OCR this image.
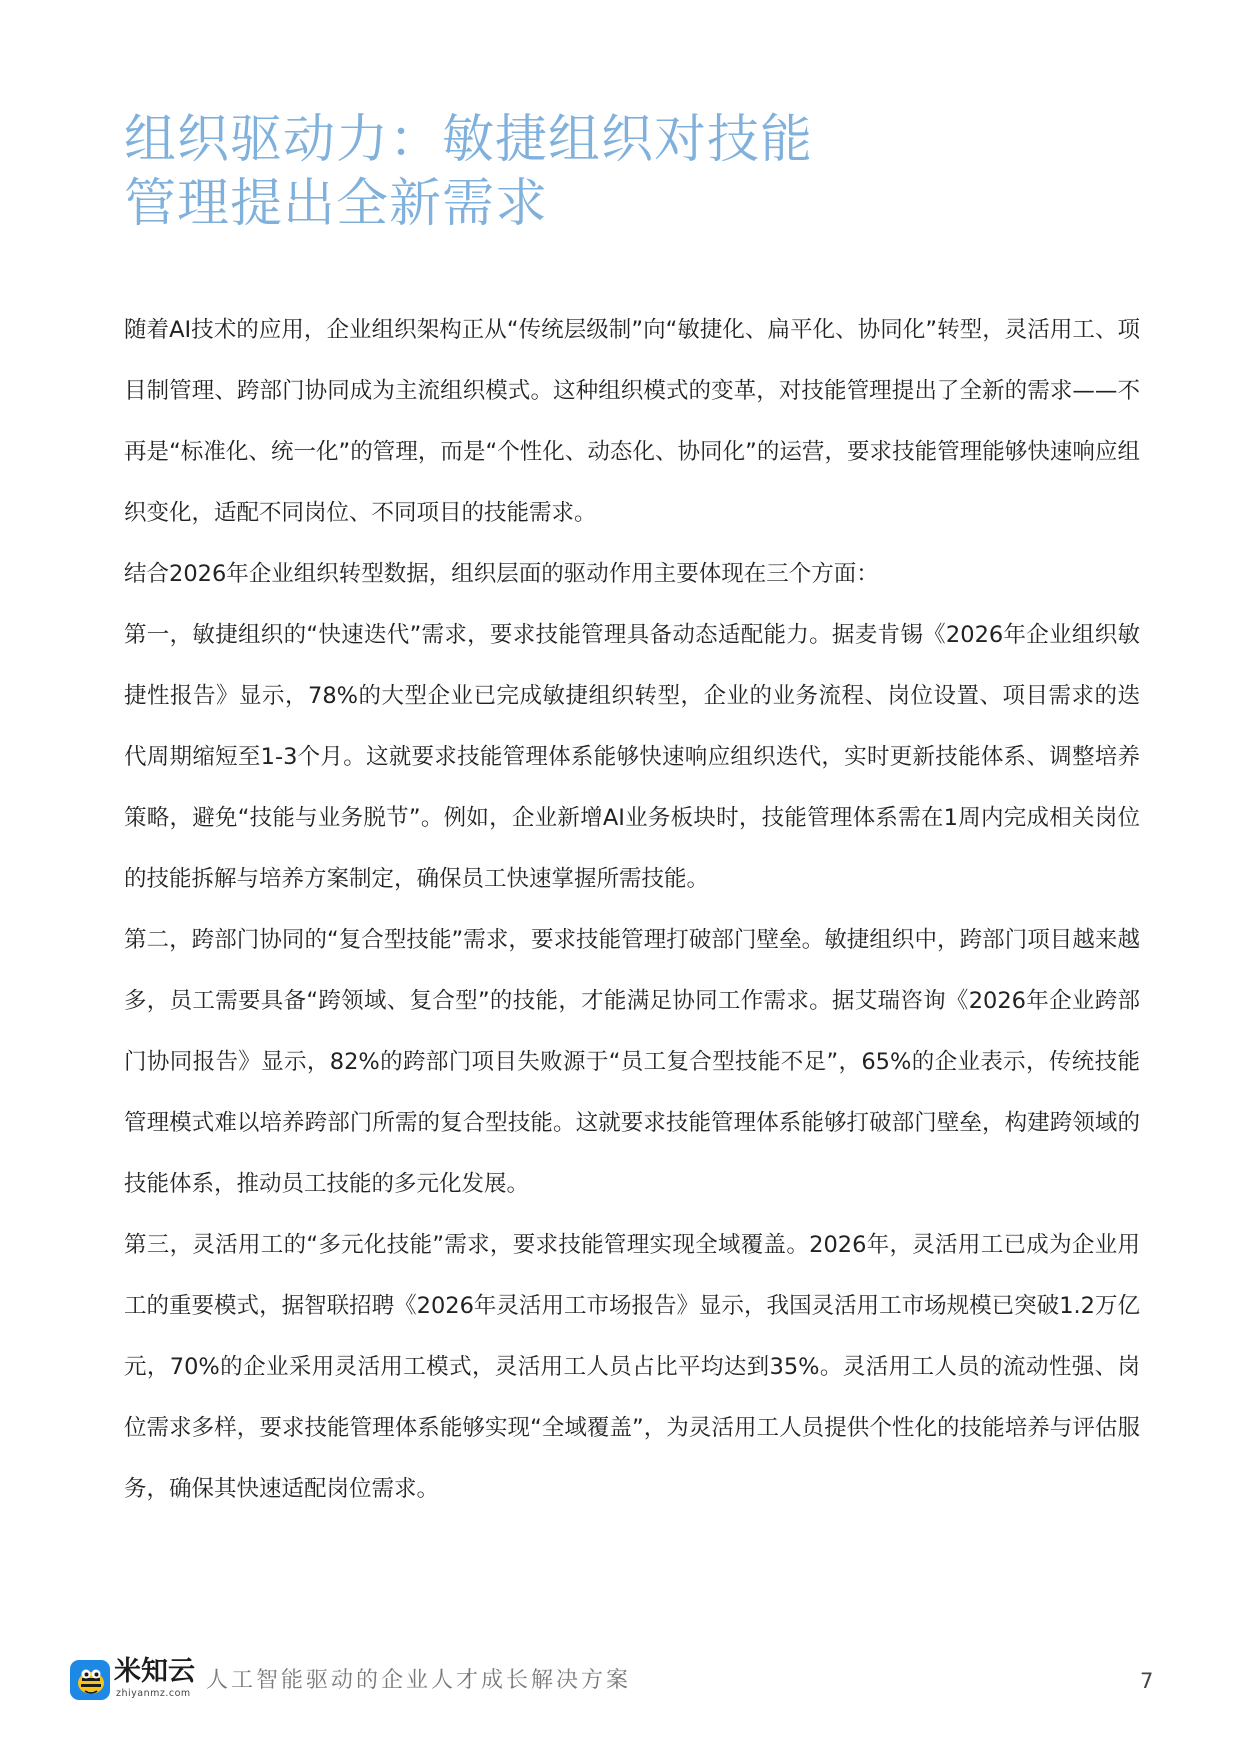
组织驱动力：敏捷组织对技能
管理提出全新需求

随着AI技术的应用，企业组织架构正从“传统层级制”向“敏捷化、扁平化、协同化”转型，灵活用工、项目制管理、跨部门协同成为主流组织模式。这种组织模式的变革，对技能管理提出了全新的需求——不再是“标准化、统一化”的管理，而是“个性化、动态化、协同化”的运营，要求技能管理能够快速响应组织变化，适配不同岗位、不同项目的技能需求。

结合2026年企业组织转型数据，组织层面的驱动作用主要体现在三个方面：

第一，敏捷组织的“快速迭代”需求，要求技能管理具备动态适配能力。据麦肯锡《2026年企业组织敏捷性报告》显示，78%的大型企业已完成敏捷组织转型，企业的业务流程、岗位设置、项目需求的迭代周期缩短至1-3个月。这就要求技能管理体系能够快速响应组织迭代，实时更新技能体系、调整培养策略，避免“技能与业务脱节”。例如，企业新增AI业务板块时，技能管理体系需在1周内完成相关岗位的技能拆解与培养方案制定，确保员工快速掌握所需技能。

第二，跨部门协同的“复合型技能”需求，要求技能管理打破部门壁垒。敏捷组织中，跨部门项目越来越多，员工需要具备“跨领域、复合型”的技能，才能满足协同工作需求。据艾瑞咨询《2026年企业跨部门协同报告》显示，82%的跨部门项目失败源于“员工复合型技能不足”，65%的企业表示，传统技能管理模式难以培养跨部门所需的复合型技能。这就要求技能管理体系能够打破部门壁垒，构建跨领域的技能体系，推动员工技能的多元化发展。

第三，灵活用工的“多元化技能”需求，要求技能管理实现全域覆盖。2026年，灵活用工已成为企业用工的重要模式，据智联招聘《2026年灵活用工市场报告》显示，我国灵活用工市场规模已突破1.2万亿元，70%的企业采用灵活用工模式，灵活用工人员占比平均达到35%。灵活用工人员的流动性强、岗位需求多样，要求技能管理体系能够实现“全域覆盖”，为灵活用工人员提供个性化的技能培养与评估服务，确保其快速适配岗位需求。

米知云
zhiyanmz.com
人工智能驱动的企业人才成长解决方案	7
